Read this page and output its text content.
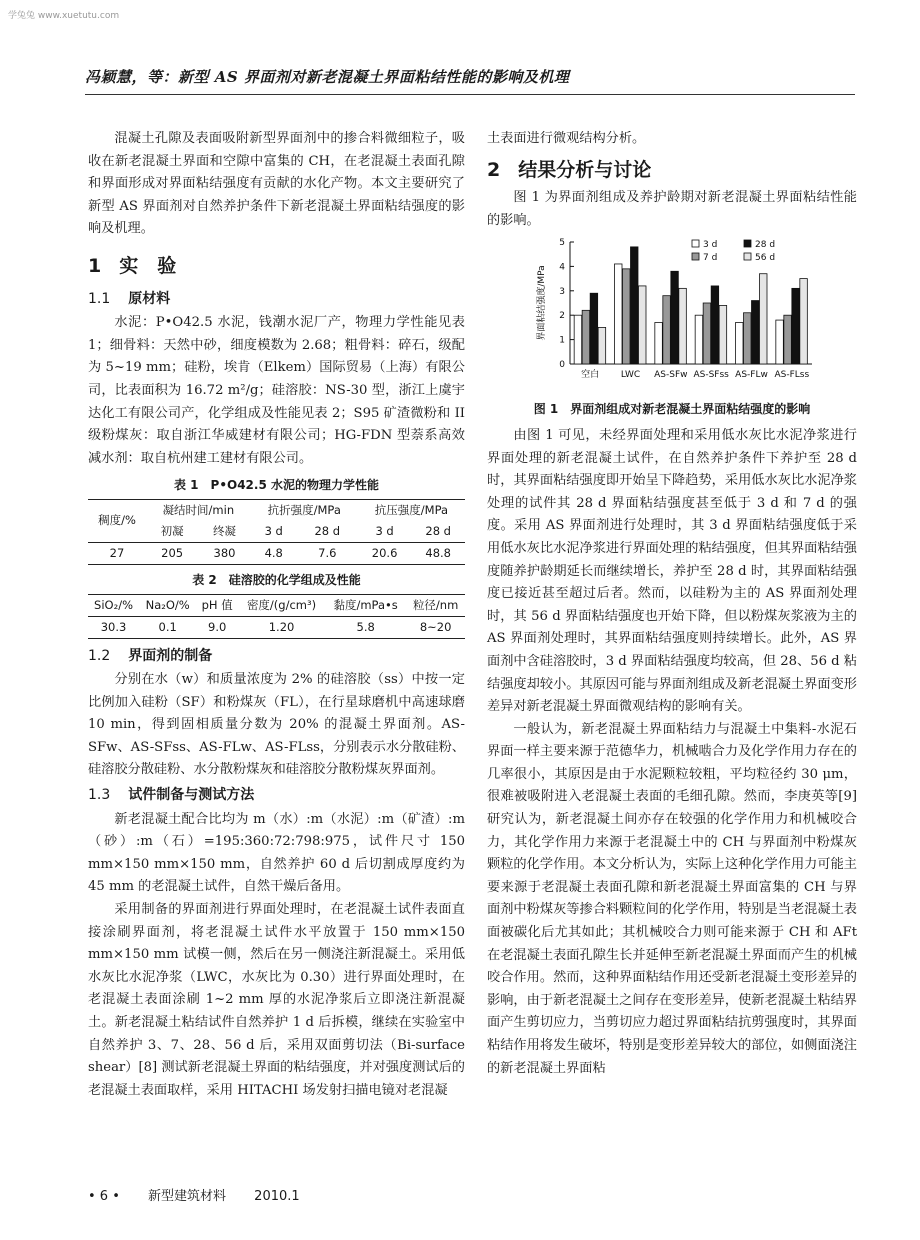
学兔兔 www.xuetutu.com
冯颖慧，等：新型 AS 界面剂对新老混凝土界面粘结性能的影响及机理

混凝土孔隙及表面吸附新型界面剂中的掺合料微细粒子，吸收在新老混凝土界面和空隙中富集的 CH，在老混凝土表面孔隙和界面形成对界面粘结强度有贡献的水化产物。本文主要研究了新型 AS 界面剂对自然养护条件下新老混凝土界面粘结强度的影响及机理。

1 实　验
1.1 原材料

水泥：P•O42.5 水泥，钱潮水泥厂产，物理力学性能见表 1；细骨料：天然中砂，细度模数为 2.68；粗骨料：碎石，级配为 5~19 mm；硅粉，埃肯（Elkem）国际贸易（上海）有限公司，比表面积为 16.72 m²/g；硅溶胶：NS-30 型，浙江上虞宇达化工有限公司产，化学组成及性能见表 2；S95 矿渣微粉和 II 级粉煤灰：取自浙江华威建材有限公司；HG-FDN 型萘系高效减水剂：取自杭州建工建材有限公司。

表 1　P•O42.5 水泥的物理力学性能
稠度/%	凝结时间/min		抗折强度/MPa		抗压强度/MPa	
	初凝	终凝	3 d	28 d	3 d	28 d
27	205	380	4.8	7.6	20.6	48.8
表 2　硅溶胶的化学组成及性能
SiO₂/%	Na₂O/%	pH 值	密度/(g/cm³)	黏度/mPa•s	粒径/nm
30.3	0.1	9.0	1.20	5.8	8~20
1.2 界面剂的制备

分别在水（w）和质量浓度为 2% 的硅溶胶（ss）中按一定比例加入硅粉（SF）和粉煤灰（FL），在行星球磨机中高速球磨 10 min，得到固相质量分数为 20% 的混凝土界面剂。AS-SFw、AS-SFss、AS-FLw、AS-FLss，分别表示水分散硅粉、硅溶胶分散硅粉、水分散粉煤灰和硅溶胶分散粉煤灰界面剂。

1.3 试件制备与测试方法

新老混凝土配合比均为 m（水）:m（水泥）:m（矿渣）:m（砂）:m（石）=195:360:72:798:975，试件尺寸 150 mm×150 mm×150 mm，自然养护 60 d 后切割成厚度约为 45 mm 的老混凝土试件，自然干燥后备用。

采用制备的界面剂进行界面处理时，在老混凝土试件表面直接涂刷界面剂，将老混凝土试件水平放置于 150 mm×150 mm×150 mm 试模一侧，然后在另一侧浇注新混凝土。采用低水灰比水泥净浆（LWC，水灰比为 0.30）进行界面处理时，在老混凝土表面涂刷 1~2 mm 厚的水泥净浆后立即浇注新混凝土。新老混凝土粘结试件自然养护 1 d 后拆模，继续在实验室中自然养护 3、7、28、56 d 后，采用双面剪切法（Bi-surface shear）[8] 测试新老混凝土界面的粘结强度，并对强度测试后的老混凝土表面取样，采用 HITACHI 场发射扫描电镜对老混凝

土表面进行微观结构分析。

2 结果分析与讨论

图 1 为界面剂组成及养护龄期对新老混凝土界面粘结性能的影响。

0
1
2
3
4
5
界面粘结强度/MPa
空白 LWC AS-SFw AS-SFss AS-FLw AS-FLss
3 d	28 d
7 d	56 d
图 1　界面剂组成对新老混凝土界面粘结强度的影响

由图 1 可见，未经界面处理和采用低水灰比水泥净浆进行界面处理的新老混凝土试件，在自然养护条件下养护至 28 d 时，其界面粘结强度即开始呈下降趋势，采用低水灰比水泥净浆处理的试件其 28 d 界面粘结强度甚至低于 3 d 和 7 d 的强度。采用 AS 界面剂进行处理时，其 3 d 界面粘结强度低于采用低水灰比水泥净浆进行界面处理的粘结强度，但其界面粘结强度随养护龄期延长而继续增长，养护至 28 d 时，其界面粘结强度已接近甚至超过后者。然而，以硅粉为主的 AS 界面剂处理时，其 56 d 界面粘结强度也开始下降，但以粉煤灰浆液为主的 AS 界面剂处理时，其界面粘结强度则持续增长。此外，AS 界面剂中含硅溶胶时，3 d 界面粘结强度均较高，但 28、56 d 粘结强度却较小。其原因可能与界面剂组成及新老混凝土界面变形差异对新老混凝土界面微观结构的影响有关。

一般认为，新老混凝土界面粘结力与混凝土中集料-水泥石界面一样主要来源于范德华力，机械啮合力及化学作用力存在的几率很小，其原因是由于水泥颗粒较粗，平均粒径约 30 μm，很难被吸附进入老混凝土表面的毛细孔隙。然而，李庚英等[9] 研究认为，新老混凝土间亦存在较强的化学作用力和机械咬合力，其化学作用力来源于老混凝土中的 CH 与界面剂中粉煤灰颗粒的化学作用。本文分析认为，实际上这种化学作用力可能主要来源于老混凝土表面孔隙和新老混凝土界面富集的 CH 与界面剂中粉煤灰等掺合料颗粒间的化学作用，特别是当老混凝土表面被碳化后尤其如此；其机械咬合力则可能来源于 CH 和 AFt 在老混凝土表面孔隙生长并延伸至新老混凝土界面而产生的机械咬合作用。然而，这种界面粘结作用还受新老混凝土变形差异的影响，由于新老混凝土之间存在变形差异，使新老混凝土粘结界面产生剪切应力，当剪切应力超过界面粘结抗剪强度时，其界面粘结作用将发生破坏，特别是变形差异较大的部位，如侧面浇注的新老混凝土界面粘

• 6 • 新型建筑材料 2010.1
